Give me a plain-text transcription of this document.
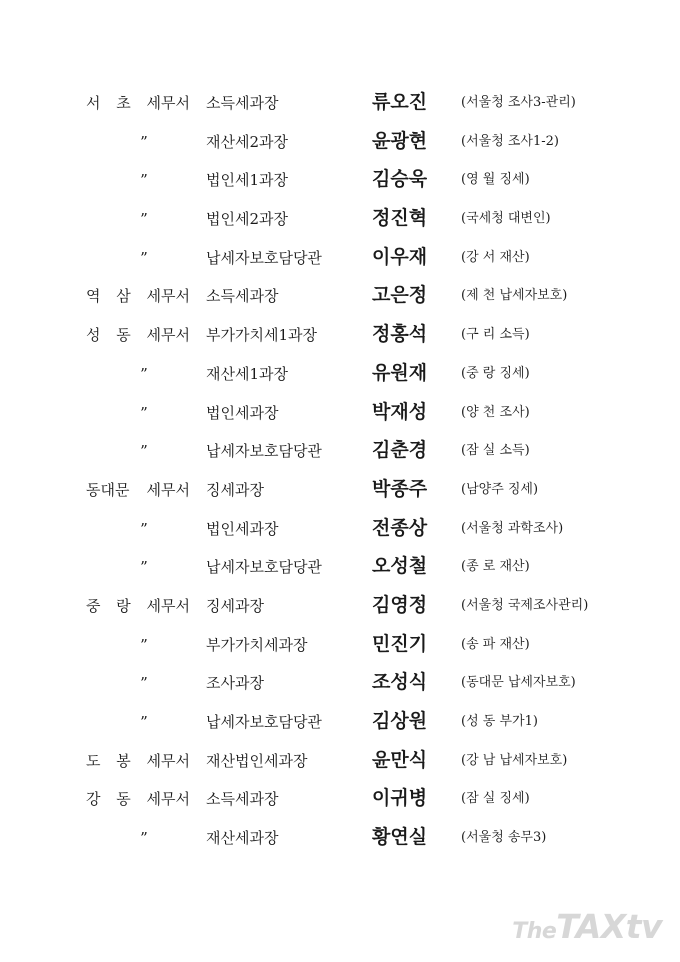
서 초 세무서 소득세과장	류오진	(서울청 조사3-관리)
”	재산세2과장	윤광현	(서울청 조사1-2)
”	법인세1과장	김승욱	(영 월 징세)
”	법인세2과장	정진혁	(국세청 대변인)
”	납세자보호담당관	이우재	(강 서 재산)
역 삼 세무서 소득세과장	고은정	(제 천 납세자보호)
성 동 세무서 부가가치세1과장	정홍석	(구 리 소득)
”	재산세1과장	유원재	(중 랑 징세)
”	법인세과장	박재성	(양 천 조사)
”	납세자보호담당관	김춘경	(잠 실 소득)
동대문 세무서 징세과장	박종주	(남양주 징세)
”	법인세과장	전종상	(서울청 과학조사)
”	납세자보호담당관	오성철	(종 로 재산)
중 랑 세무서 징세과장	김영정	(서울청 국제조사관리)
”	부가가치세과장	민진기	(송 파 재산)
”	조사과장	조성식	(동대문 납세자보호)
”	납세자보호담당관	김상원	(성 동 부가1)
도 봉 세무서 재산법인세과장	윤만식	(강 남 납세자보호)
강 동 세무서 소득세과장	이귀병	(잠 실 징세)
”	재산세과장	황연실	(서울청 송무3)
TheTAXtv
